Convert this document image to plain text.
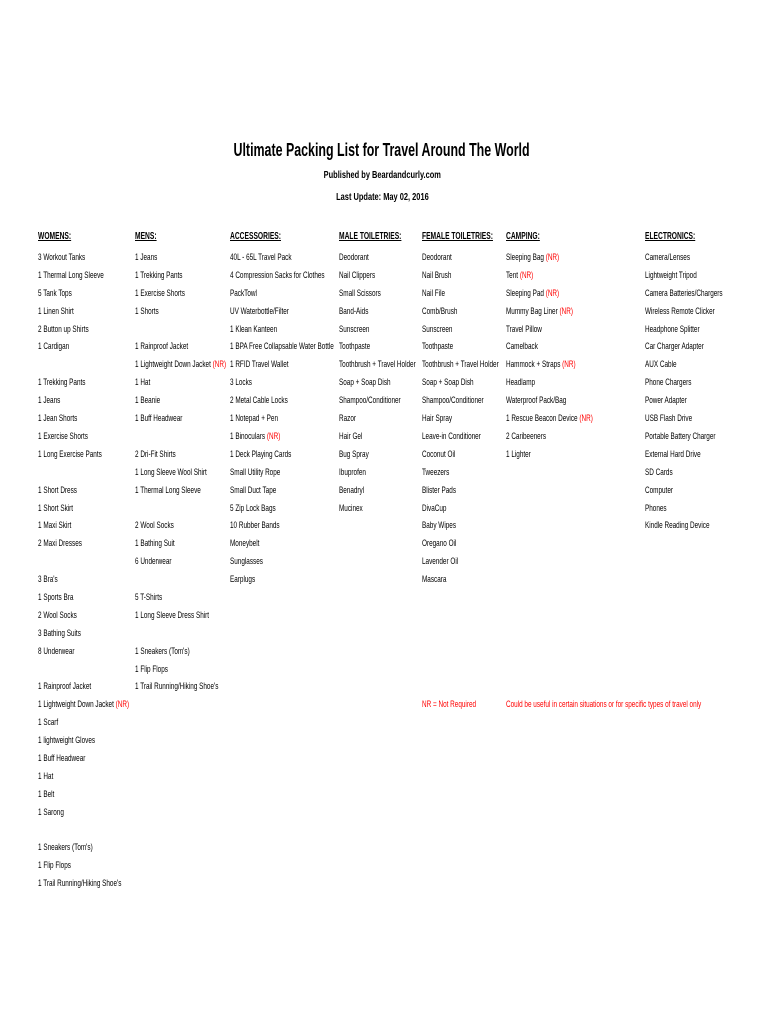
Ultimate Packing List for Travel Around The World
Published by Beardandcurly.com
Last Update: May 02, 2016
WOMENS:
3 Workout Tanks
1 Thermal Long Sleeve
5 Tank Tops
1 Linen Shirt
2 Button up Shirts
1 Cardigan
1 Trekking Pants
1 Jeans
1 Jean Shorts
1 Exercise Shorts
1 Long Exercise Pants
1 Short Dress
1 Short Skirt
1 Maxi Skirt
2 Maxi Dresses
3 Bra's
1 Sports Bra
2 Wool Socks
3 Bathing Suits
8 Underwear
1 Rainproof Jacket
1 Lightweight Down Jacket (NR)
1 Scarf
1 lightweight Gloves
1 Buff Headwear
1 Hat
1 Belt
1 Sarong
1 Sneakers (Tom's)
1 Flip Flops
1 Trail Running/Hiking Shoe's
MENS:
1 Jeans
1 Trekking Pants
1 Exercise Shorts
1 Shorts
1 Rainproof Jacket
1 Lightweight Down Jacket (NR)
1 Hat
1 Beanie
1 Buff Headwear
2 Dri-Fit Shirts
1 Long Sleeve Wool Shirt
1 Thermal Long Sleeve
2 Wool Socks
1 Bathing Suit
6 Underwear
5 T-Shirts
1 Long Sleeve Dress Shirt
1 Sneakers (Tom's)
1 Flip Flops
1 Trail Running/Hiking Shoe's
ACCESSORIES:
40L - 65L Travel Pack
4 Compression Sacks for Clothes
PackTowl
UV Waterbottle/Filter
1 Klean Kanteen
1 BPA Free Collapsable Water Bottle
1 RFID Travel Wallet
3 Locks
2 Metal Cable Locks
1 Notepad + Pen
1 Binoculars (NR)
1 Deck Playing Cards
Small Utility Rope
Small Duct Tape
5 Zip Lock Bags
10 Rubber Bands
Moneybelt
Sunglasses
Earplugs
MALE TOILETRIES:
Deodorant
Nail Clippers
Small Scissors
Band-Aids
Sunscreen
Toothpaste
Toothbrush + Travel Holder
Soap + Soap Dish
Shampoo/Conditioner
Razor
Hair Gel
Bug Spray
Ibuprofen
Benadryl
Mucinex
FEMALE TOILETRIES:
Deodorant
Nail Brush
Nail File
Comb/Brush
Sunscreen
Toothpaste
Toothbrush + Travel Holder
Soap + Soap Dish
Shampoo/Conditioner
Hair Spray
Leave-in Conditioner
Coconut Oil
Tweezers
Blister Pads
DivaCup
Baby Wipes
Oregano Oil
Lavender Oil
Mascara
CAMPING:
Sleeping Bag (NR)
Tent (NR)
Sleeping Pad (NR)
Mummy Bag Liner (NR)
Travel Pillow
Camelback
Hammock + Straps (NR)
Headlamp
Waterproof Pack/Bag
1 Rescue Beacon Device (NR)
2 Caribeeners
1 Lighter
ELECTRONICS:
Camera/Lenses
Lightweight Tripod
Camera Batteries/Chargers
Wireless Remote Clicker
Headphone Splitter
Car Charger Adapter
AUX Cable
Phone Chargers
Power Adapter
USB Flash Drive
Portable Battery Charger
External Hard Drive
SD Cards
Computer
Phones
Kindle Reading Device
NR = Not Required	Could be useful in certain situations or for specific types of travel only
